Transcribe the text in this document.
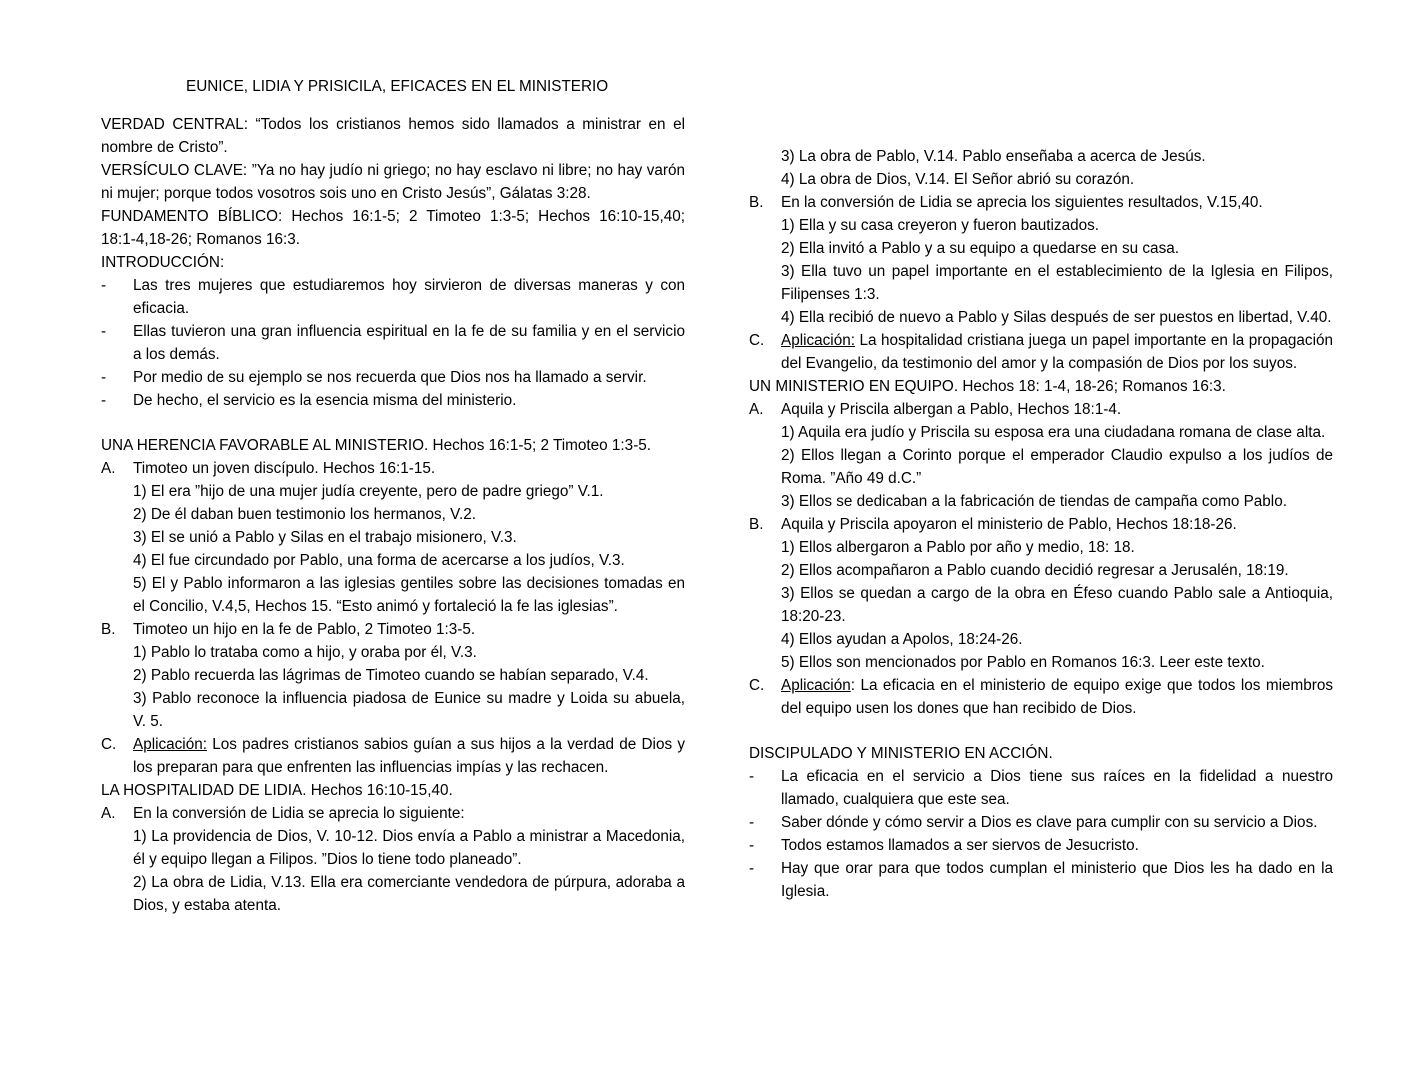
EUNICE, LIDIA Y PRISICILA, EFICACES EN EL MINISTERIO
VERDAD CENTRAL: “Todos los cristianos hemos sido llamados a ministrar en el nombre de Cristo”.
VERSÍCULO CLAVE: ”Ya no hay judío ni griego; no hay esclavo ni libre; no hay varón ni mujer; porque todos vosotros sois uno en Cristo Jesús”, Gálatas 3:28.
FUNDAMENTO BÍBLICO: Hechos 16:1-5; 2 Timoteo 1:3-5; Hechos 16:10-15,40; 18:1-4,18-26; Romanos 16:3.
INTRODUCCIÓN:
-	Las tres mujeres que estudiaremos hoy sirvieron de diversas maneras y con eficacia.
-	Ellas tuvieron una gran influencia espiritual en la fe de su familia y en el servicio a los demás.
-	Por medio de su ejemplo se nos recuerda que Dios nos ha llamado a servir.
-	De hecho, el servicio es la esencia misma del ministerio.
UNA HERENCIA FAVORABLE AL MINISTERIO. Hechos 16:1-5; 2 Timoteo 1:3-5.
A.	Timoteo un joven discípulo. Hechos 16:1-15.
1) El era ”hijo de una mujer judía creyente, pero de padre griego” V.1.
2) De él daban buen testimonio los hermanos, V.2.
3) El se unió a Pablo y Silas en el trabajo misionero, V.3.
4) El fue circundado por Pablo, una forma de acercarse a los judíos, V.3.
5) El y Pablo informaron a las iglesias gentiles sobre las decisiones tomadas en el Concilio, V.4,5, Hechos 15. “Esto animó y fortaleció la fe las iglesias”.
B.	Timoteo un hijo en la fe de Pablo, 2 Timoteo 1:3-5.
1) Pablo lo trataba como a hijo, y oraba por él, V.3.
2) Pablo recuerda las lágrimas de Timoteo cuando se habían separado, V.4.
3) Pablo reconoce la influencia piadosa de Eunice su madre y Loida su abuela, V. 5.
C.	Aplicación: Los padres cristianos sabios guían a sus hijos a la verdad de Dios y los preparan para que enfrenten las influencias impías y las rechacen.
LA HOSPITALIDAD DE LIDIA. Hechos 16:10-15,40.
A.	En la conversión de Lidia se aprecia lo siguiente:
1) La providencia de Dios, V. 10-12. Dios envía a Pablo a ministrar a Macedonia, él y equipo llegan a Filipos. ”Dios lo tiene todo planeado”.
2) La obra de Lidia, V.13. Ella era comerciante vendedora de púrpura, adoraba a Dios, y estaba atenta.
3) La obra de Pablo, V.14. Pablo enseñaba a acerca de Jesús.
4) La obra de Dios, V.14. El Señor abrió su corazón.
B.	En la conversión de Lidia se aprecia los siguientes resultados, V.15,40.
1) Ella y su casa creyeron y fueron bautizados.
2) Ella invitó a Pablo y a su equipo a quedarse en su casa.
3) Ella tuvo un papel importante en el establecimiento de la Iglesia en Filipos, Filipenses 1:3.
4) Ella recibió de nuevo a Pablo y Silas después de ser puestos en libertad, V.40.
C.	Aplicación: La hospitalidad cristiana juega un papel importante en la propagación del Evangelio, da testimonio del amor y la compasión de Dios por los suyos.
UN MINISTERIO EN EQUIPO. Hechos 18: 1-4, 18-26; Romanos 16:3.
A.	Aquila y Priscila albergan a Pablo, Hechos 18:1-4.
1) Aquila era judío y Priscila su esposa era una ciudadana romana de clase alta.
2) Ellos llegan a Corinto porque el emperador Claudio expulso a los judíos de Roma. ”Año 49 d.C.”
3) Ellos se dedicaban a la fabricación de tiendas de campaña como Pablo.
B.	Aquila y Priscila apoyaron el ministerio de Pablo, Hechos 18:18-26.
1) Ellos albergaron a Pablo por año y medio, 18: 18.
2) Ellos acompañaron a Pablo cuando decidió regresar a Jerusalén, 18:19.
3) Ellos se quedan a cargo de la obra en Éfeso cuando Pablo sale a Antioquia, 18:20-23.
4) Ellos ayudan a Apolos, 18:24-26.
5) Ellos son mencionados por Pablo en Romanos 16:3. Leer este texto.
C.	Aplicación: La eficacia en el ministerio de equipo exige que todos los miembros del equipo usen los dones que han recibido de Dios.
DISCIPULADO Y MINISTERIO EN ACCIÓN.
-	La eficacia en el servicio a Dios tiene sus raíces en la fidelidad a nuestro llamado, cualquiera que este sea.
-	Saber dónde y cómo servir a Dios es clave para cumplir con su servicio a Dios.
-	Todos estamos llamados a ser siervos de Jesucristo.
-	Hay que orar para que todos cumplan el ministerio que Dios les ha dado en la Iglesia.
